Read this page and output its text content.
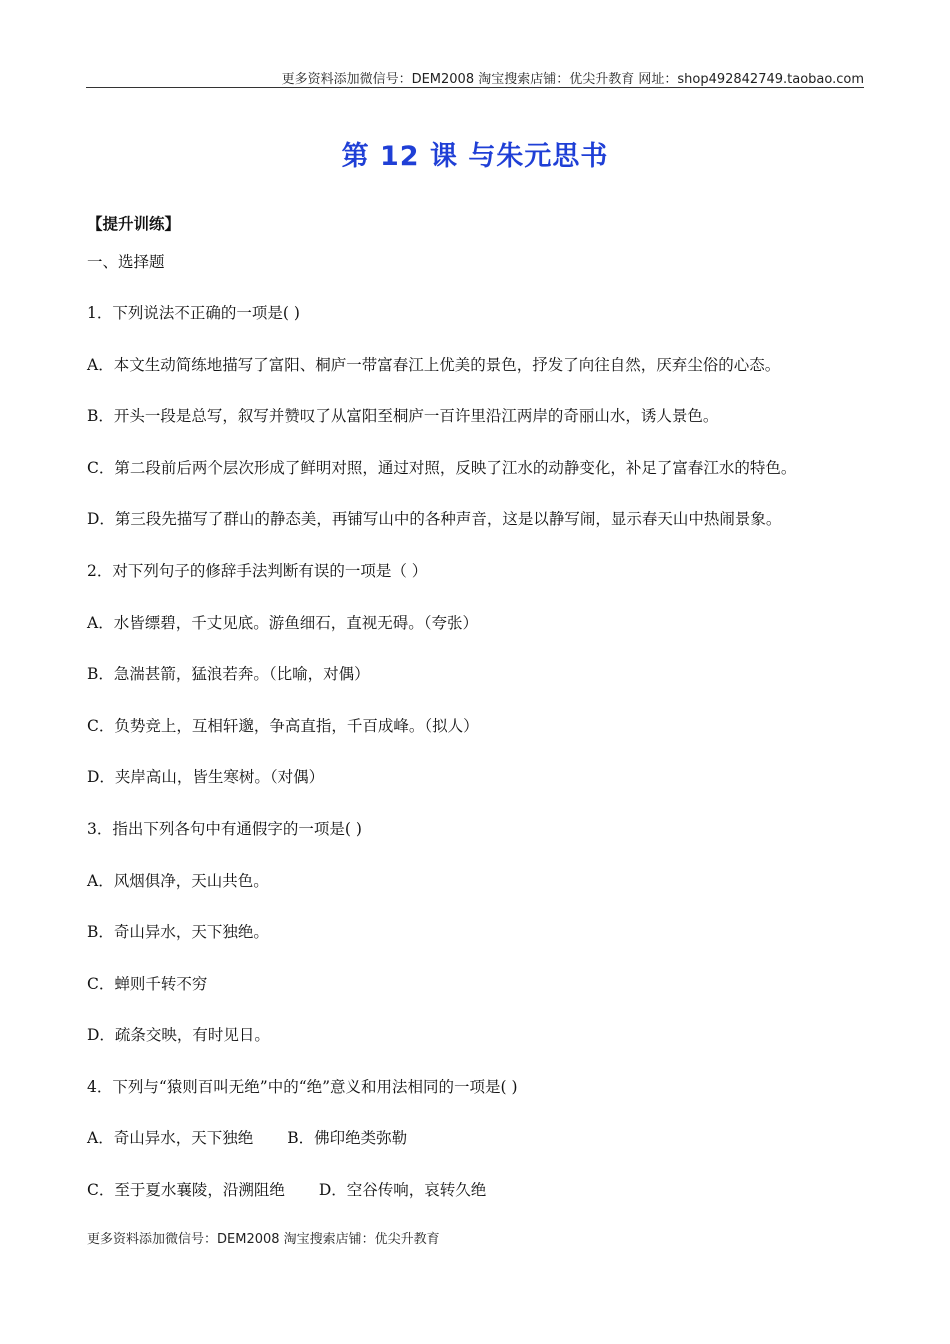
更多资料添加微信号：DEM2008 淘宝搜索店铺：优尖升教育 网址：shop492842749.taobao.com
第 12 课 与朱元思书
【提升训练】
一、选择题
1．下列说法不正确的一项是( )
A．本文生动简练地描写了富阳、桐庐一带富春江上优美的景色，抒发了向往自然，厌弃尘俗的心态。
B．开头一段是总写，叙写并赞叹了从富阳至桐庐一百许里沿江两岸的奇丽山水，诱人景色。
C．第二段前后两个层次形成了鲜明对照，通过对照，反映了江水的动静变化，补足了富春江水的特色。
D．第三段先描写了群山的静态美，再铺写山中的各种声音，这是以静写闹，显示春天山中热闹景象。
2．对下列句子的修辞手法判断有误的一项是（ ）
A．水皆缥碧，千丈见底。游鱼细石，直视无碍。（夸张）
B．急湍甚箭，猛浪若奔。（比喻，对偶）
C．负势竞上，互相轩邈，争高直指，千百成峰。（拟人）
D．夹岸高山，皆生寒树。（对偶）
3．指出下列各句中有通假字的一项是( )
A．风烟俱净，天山共色。
B．奇山异水，天下独绝。
C．蝉则千转不穷
D．疏条交映，有时见日。
4．下列与“猿则百叫无绝”中的“绝”意义和用法相同的一项是( )
A．奇山异水，天下独绝 B．佛印绝类弥勒
C．至于夏水襄陵，沿溯阻绝 D．空谷传响，哀转久绝
更多资料添加微信号：DEM2008 淘宝搜索店铺：优尖升教育
